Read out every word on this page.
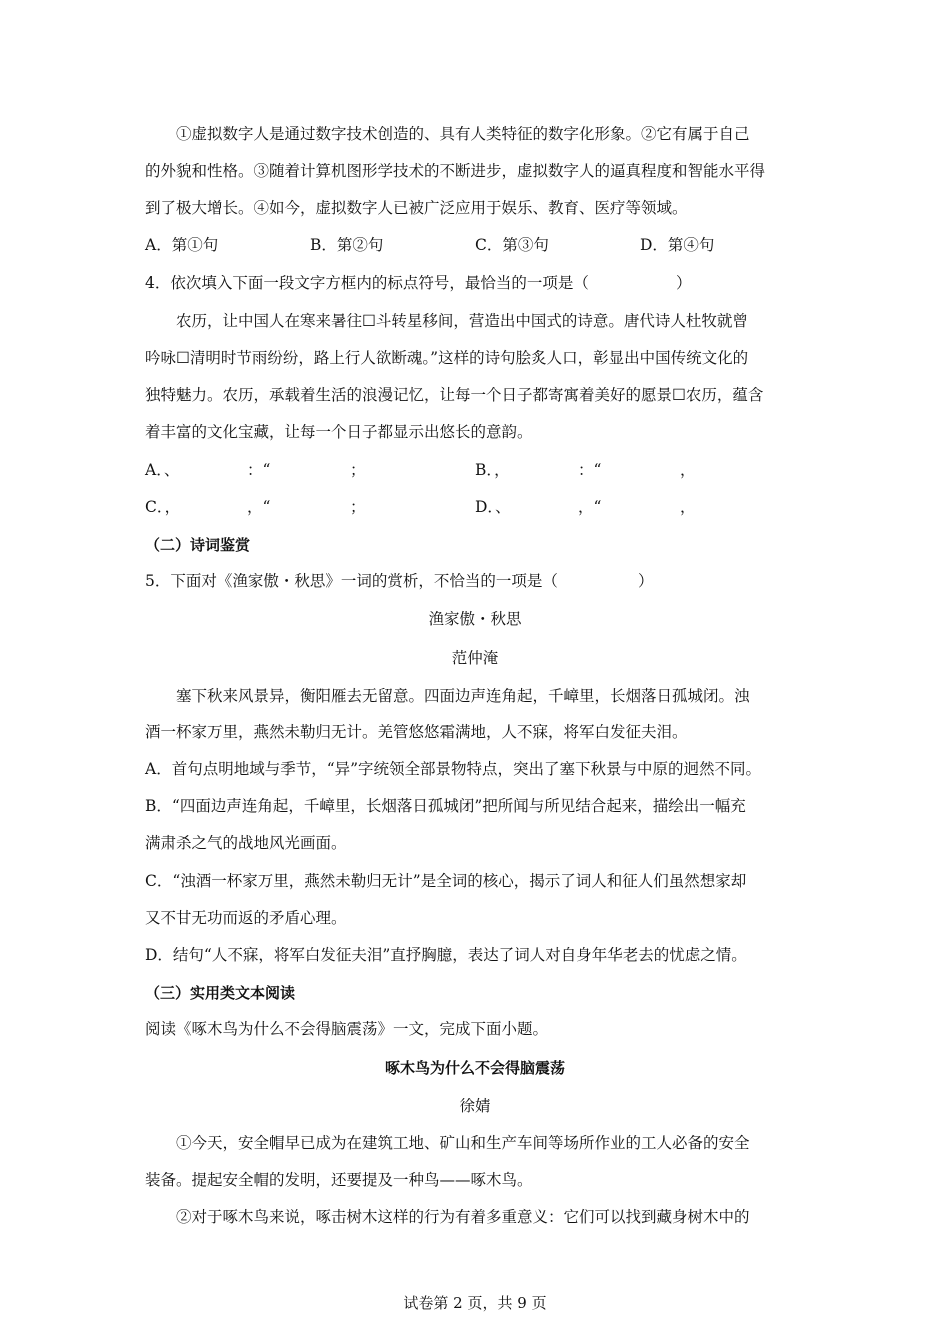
①虚拟数字人是通过数字技术创造的、具有人类特征的数字化形象。②它有属于自己
的外貌和性格。③随着计算机图形学技术的不断进步，虚拟数字人的逼真程度和智能水平得
到了极大增长。④如今，虚拟数字人已被广泛应用于娱乐、教育、医疗等领域。
A．第①句	B．第②句	C．第③句	D．第④句
4．依次填入下面一段文字方框内的标点符号，最恰当的一项是（	）
农历，让中国人在寒来暑往☐斗转星移间，营造出中国式的诗意。唐代诗人杜牧就曾
吟咏☐清明时节雨纷纷，路上行人欲断魂。”这样的诗句脍炙人口，彰显出中国传统文化的
独特魅力。农历，承载着生活的浪漫记忆，让每一个日子都寄寓着美好的愿景☐农历，蕴含
着丰富的文化宝藏，让每一个日子都显示出悠长的意韵。
A．、	：“	；	B．，	：“	，
C．，	，“	；	D．、	，“	，
（二）诗词鉴赏
5．下面对《渔家傲・秋思》一词的赏析，不恰当的一项是（	）
渔家傲・秋思
范仲淹
塞下秋来风景异，衡阳雁去无留意。四面边声连角起，千嶂里，长烟落日孤城闭。浊
酒一杯家万里，燕然未勒归无计。羌管悠悠霜满地，人不寐，将军白发征夫泪。
A．首句点明地域与季节，“异”字统领全部景物特点，突出了塞下秋景与中原的迥然不同。
B．“四面边声连角起，千嶂里，长烟落日孤城闭”把所闻与所见结合起来，描绘出一幅充
满肃杀之气的战地风光画面。
C．“浊酒一杯家万里，燕然未勒归无计”是全词的核心，揭示了词人和征人们虽然想家却
又不甘无功而返的矛盾心理。
D．结句“人不寐，将军白发征夫泪”直抒胸臆，表达了词人对自身年华老去的忧虑之情。
（三）实用类文本阅读
阅读《啄木鸟为什么不会得脑震荡》一文，完成下面小题。
啄木鸟为什么不会得脑震荡
徐婧
①今天，安全帽早已成为在建筑工地、矿山和生产车间等场所作业的工人必备的安全
装备。提起安全帽的发明，还要提及一种鸟——啄木鸟。
②对于啄木鸟来说，啄击树木这样的行为有着多重意义：它们可以找到藏身树木中的
试卷第 2 页，共 9 页
